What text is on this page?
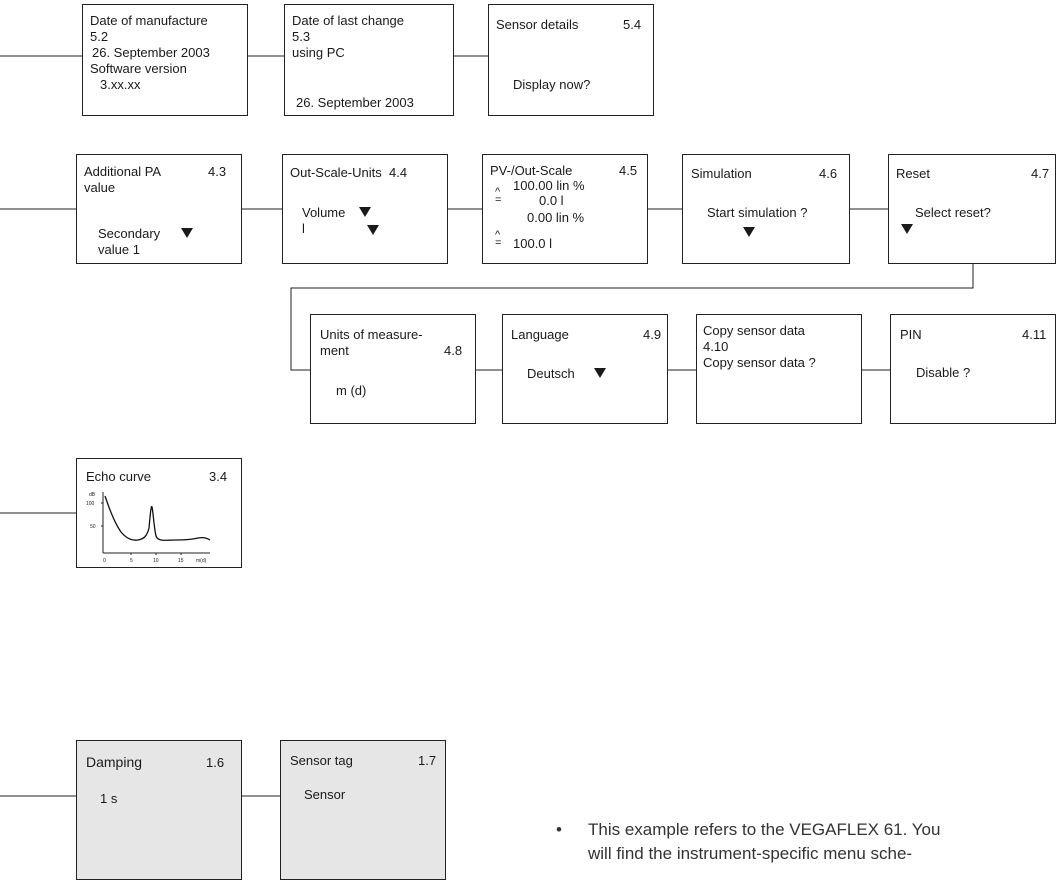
Date of manufacture
5.2
26. September 2003
Software version
3.xx.xx
Date of last change
5.3
using PC
26. September 2003
Sensor details	5.4
Display now?
Additional PA	4.3
value
Secondary
value 1
Out-Scale-Units 4.4
Volume
l
PV-/Out-Scale	4.5
100.00 lin %
^
=	0.0 l
0.00 lin %
^
= 100.0 l
Simulation	4.6
Start simulation ?
Reset	4.7
Select reset?
Units of measure-
ment	4.8
m (d)
Language	4.9
Deutsch
Copy sensor data
4.10
Copy sensor data ?
PIN	4.11
Disable ?
Echo curve	3.4
dB
100
50
0	5	10	15 m(d)
Damping	1.6
1 s
Sensor tag	1.7
Sensor
• This example refers to the VEGAFLEX 61. You
will find the instrument-specific menu sche-
